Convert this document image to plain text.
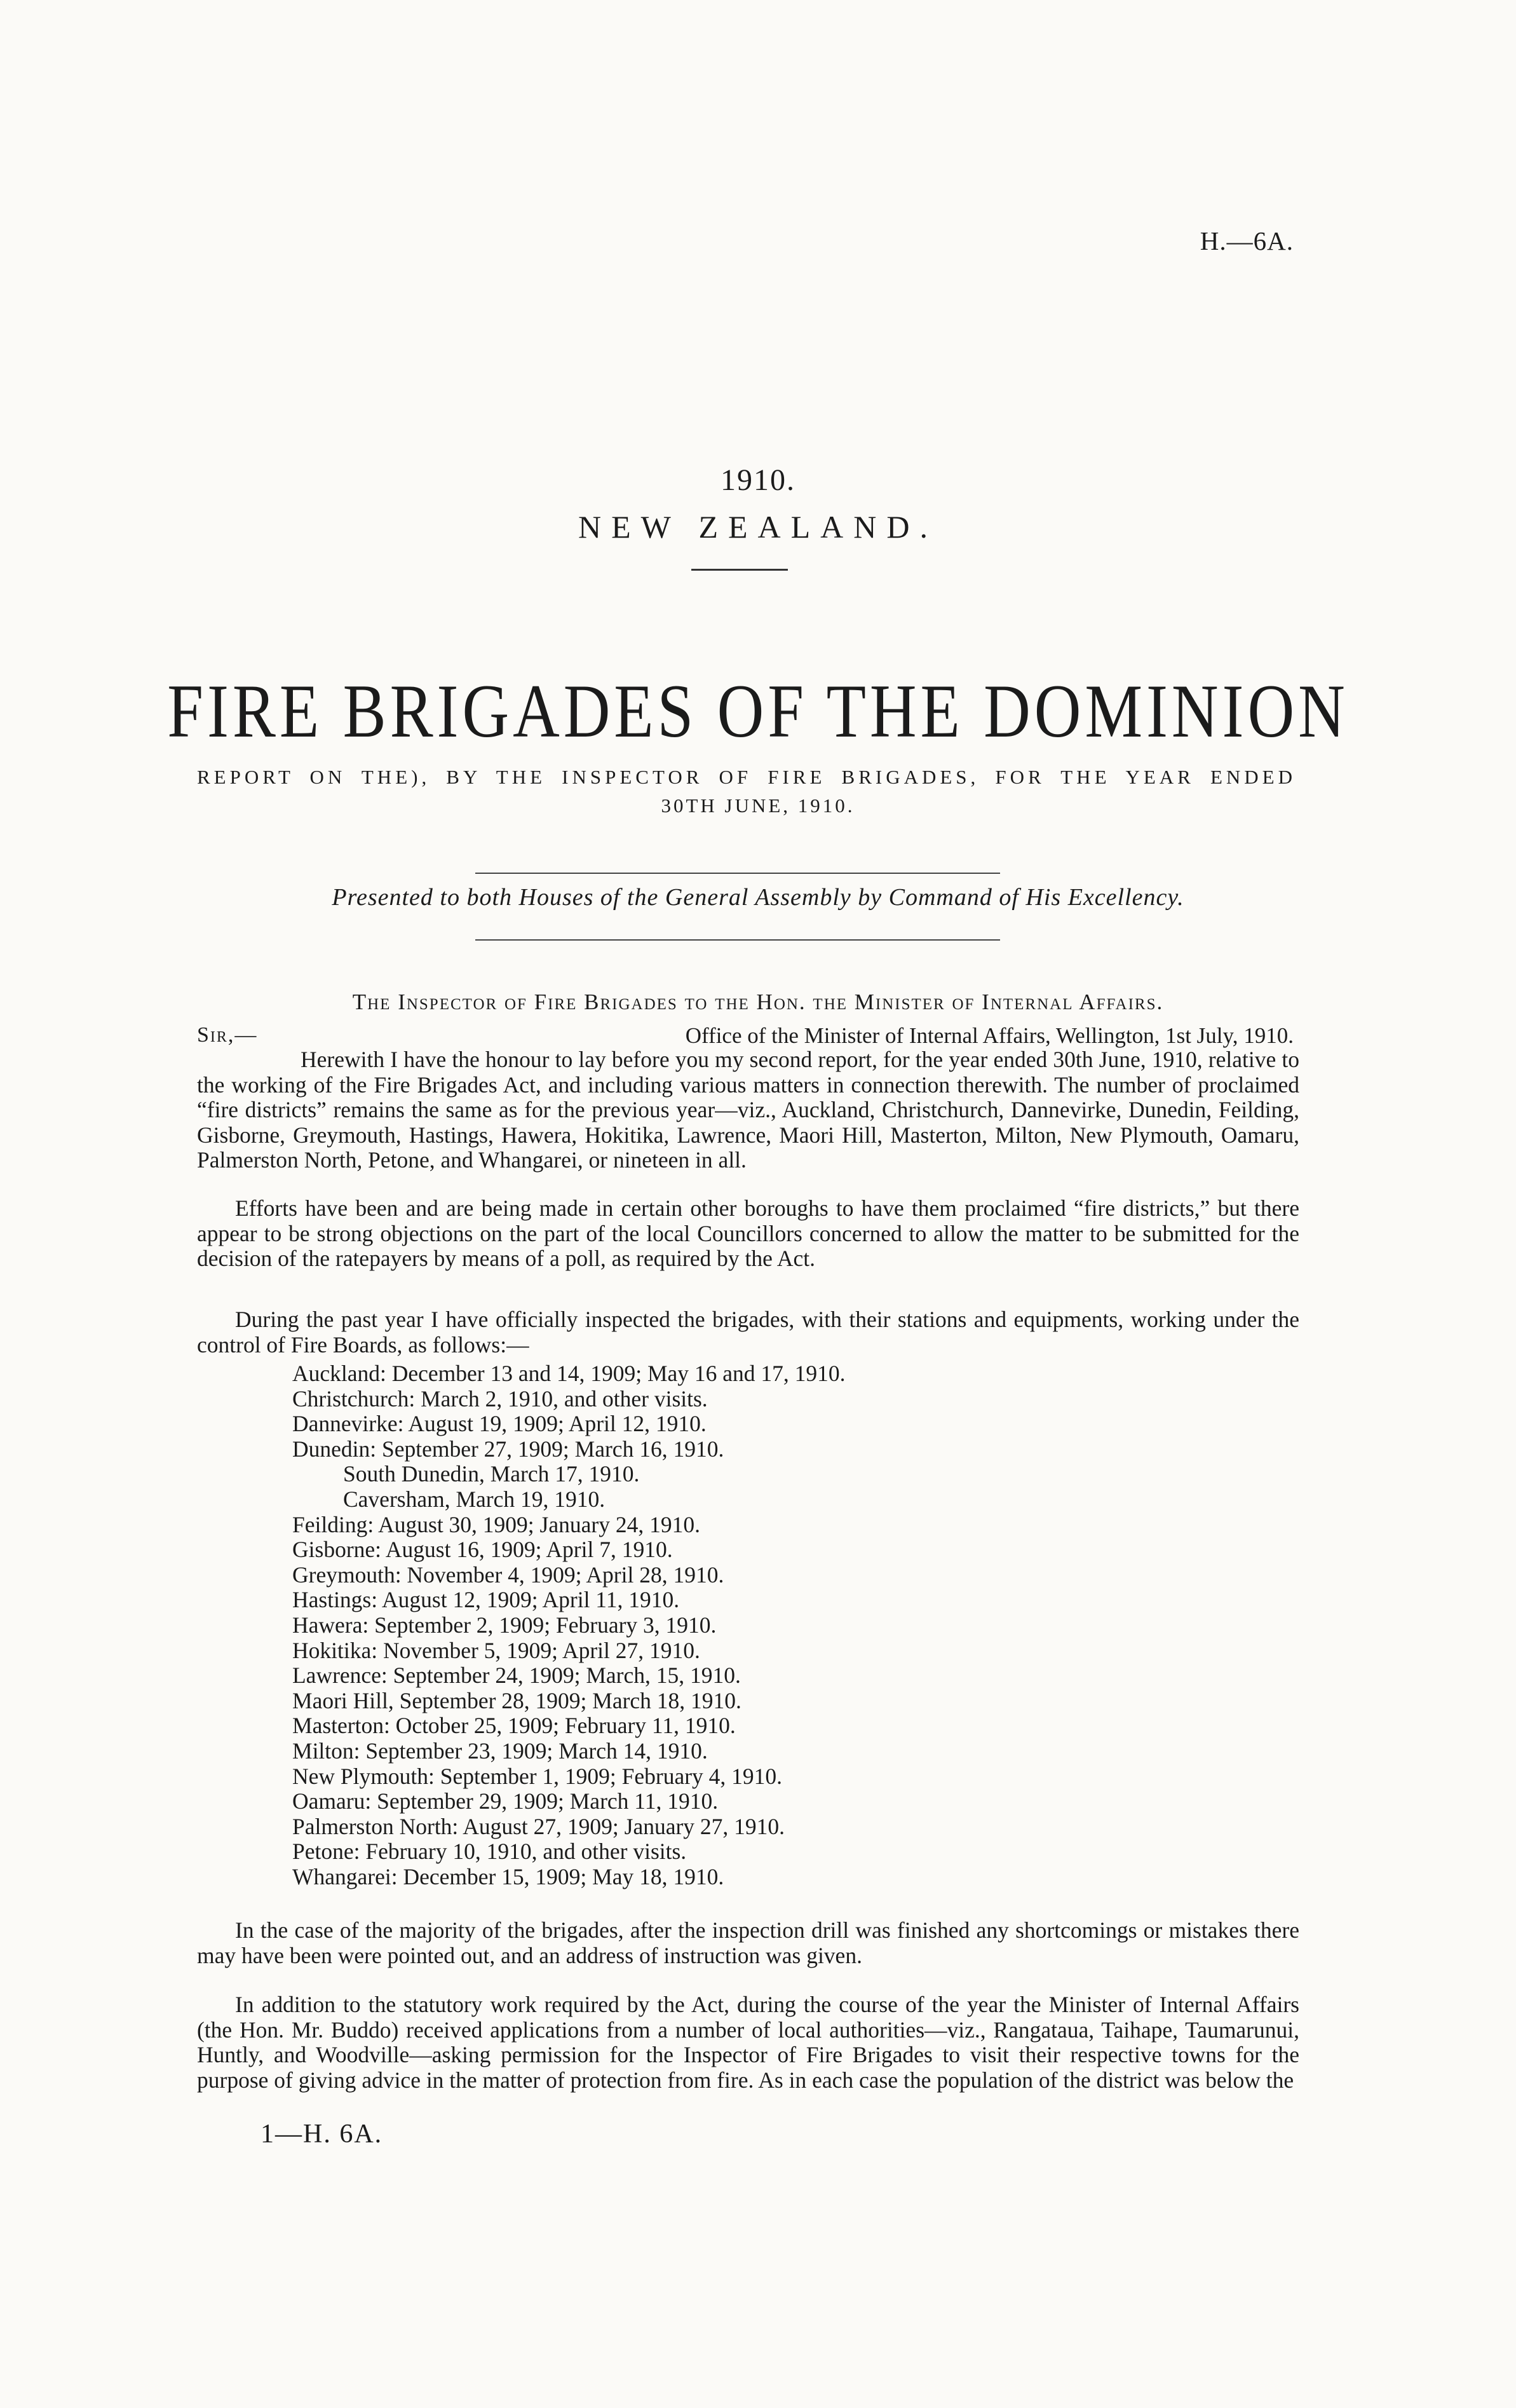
H.—6A.
1910.
NEW ZEALAND.
FIRE BRIGADES OF THE DOMINION
REPORT ON THE), BY THE INSPECTOR OF FIRE BRIGADES, FOR THE YEAR ENDED
30TH JUNE, 1910.
Presented to both Houses of the General Assembly by Command of His Excellency.
The Inspector of Fire Brigades to the Hon. the Minister of Internal Affairs.
Sir,—	Office of the Minister of Internal Affairs, Wellington, 1st July, 1910.

Herewith I have the honour to lay before you my second report, for the year ended 30th June, 1910, relative to the working of the Fire Brigades Act, and including various matters in connection therewith. The number of proclaimed “fire districts” remains the same as for the previous year—viz., Auckland, Christchurch, Dannevirke, Dunedin, Feilding, Gisborne, Greymouth, Hastings, Hawera, Hokitika, Lawrence, Maori Hill, Masterton, Milton, New Plymouth, Oamaru, Palmerston North, Petone, and Whangarei, or nineteen in all.

Efforts have been and are being made in certain other boroughs to have them proclaimed “fire districts,” but there appear to be strong objections on the part of the local Councillors concerned to allow the matter to be submitted for the decision of the ratepayers by means of a poll, as required by the Act.

During the past year I have officially inspected the brigades, with their stations and equipments, working under the control of Fire Boards, as follows:—

Auckland: December 13 and 14, 1909; May 16 and 17, 1910.
Christchurch: March 2, 1910, and other visits.
Dannevirke: August 19, 1909; April 12, 1910.
Dunedin: September 27, 1909; March 16, 1910.
South Dunedin, March 17, 1910.
Caversham, March 19, 1910.
Feilding: August 30, 1909; January 24, 1910.
Gisborne: August 16, 1909; April 7, 1910.
Greymouth: November 4, 1909; April 28, 1910.
Hastings: August 12, 1909; April 11, 1910.
Hawera: September 2, 1909; February 3, 1910.
Hokitika: November 5, 1909; April 27, 1910.
Lawrence: September 24, 1909; March, 15, 1910.
Maori Hill, September 28, 1909; March 18, 1910.
Masterton: October 25, 1909; February 11, 1910.
Milton: September 23, 1909; March 14, 1910.
New Plymouth: September 1, 1909; February 4, 1910.
Oamaru: September 29, 1909; March 11, 1910.
Palmerston North: August 27, 1909; January 27, 1910.
Petone: February 10, 1910, and other visits.
Whangarei: December 15, 1909; May 18, 1910.

In the case of the majority of the brigades, after the inspection drill was finished any shortcomings or mistakes there may have been were pointed out, and an address of instruction was given.

In addition to the statutory work required by the Act, during the course of the year the Minister of Internal Affairs (the Hon. Mr. Buddo) received applications from a number of local authorities—viz., Rangataua, Taihape, Taumarunui, Huntly, and Woodville—asking permission for the Inspector of Fire Brigades to visit their respective towns for the purpose of giving advice in the matter of protection from fire. As in each case the population of the district was below the

1—H. 6A.
